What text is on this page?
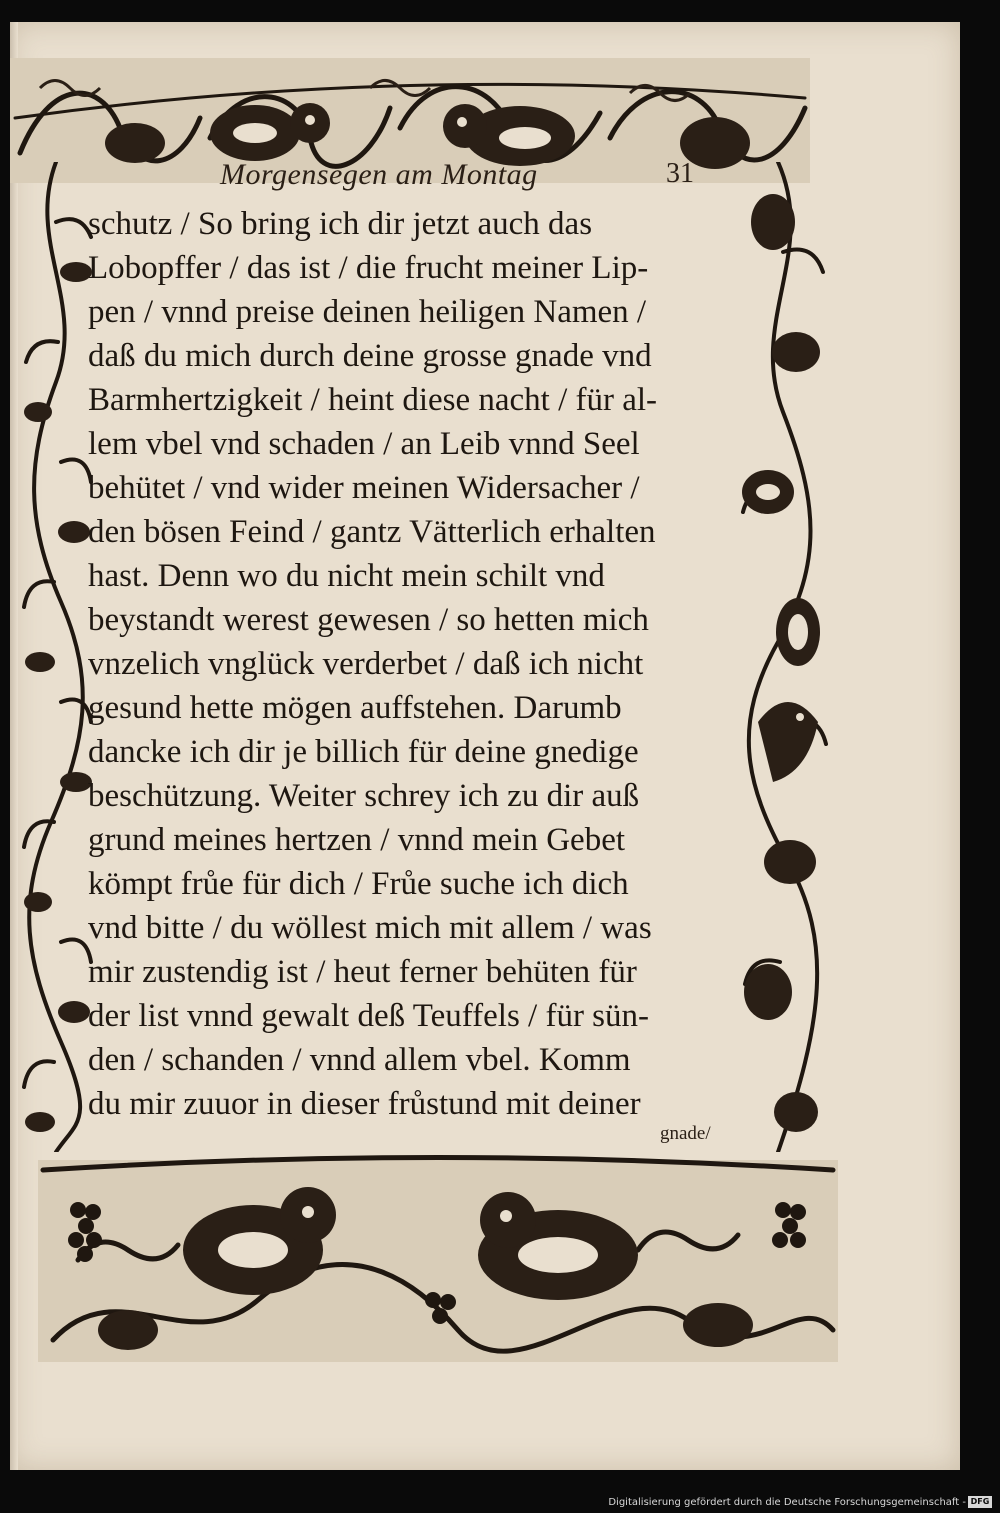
Morgensegen am Montag	31
schutz / So bring ich dir jetzt auch das
Lobopffer / das ist / die frucht meiner Lip-
pen / vnnd preise deinen heiligen Namen /
daß du mich durch deine grosse gnade vnd
Barmhertzigkeit / heint diese nacht / für al-
lem vbel vnd schaden / an Leib vnnd Seel
behütet / vnd wider meinen Widersacher /
den bösen Feind / gantz Vätterlich erhalten
hast. Denn wo du nicht mein schilt vnd
beystandt werest gewesen / so hetten mich
vnzelich vnglück verderbet / daß ich nicht
gesund hette mögen auffstehen. Darumb
dancke ich dir je billich für deine gnedige
beschützung. Weiter schrey ich zu dir auß
grund meines hertzen / vnnd mein Gebet
kömpt frůe für dich / Frůe suche ich dich
vnd bitte / du wöllest mich mit allem / was
mir zustendig ist / heut ferner behüten für
der list vnnd gewalt deß Teuffels / für sün-
den / schanden / vnnd allem vbel. Komm
du mir zuuor in dieser frůstund mit deiner
gnade/
Digitalisierung gefördert durch die Deutsche Forschungsgemeinschaft - DFG
